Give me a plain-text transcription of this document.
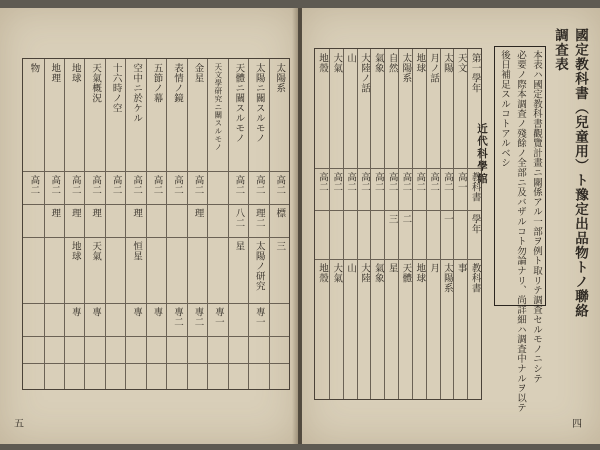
太陽系
高二
標
三
太陽ニ關スルモノ
高二
理二
太陽ノ研究
專一
天體ニ關スルモノ
高二
八二
星
天文學研究ニ關スルモノ
專一
金星
高二
理
專二
表情ノ鏡
高二
專二
五節ノ幕
高二
專
空中ニ於ケル
高二
理
恒星
專
十六時ノ空
高二
天氣概況
高二
理
天氣
專
地球
高二
理
地球
專
地理
高二
理
物
高二
五
國定教科書（兒童用）ト豫定出品物トノ聯絡調査表
本表ハ國定教科書觀覽計畫ニ關係アル一部ヲ例ト取リテ調査セルモノニシテ
必要ノ際本調査ノ殘餘ノ全部ニ及バザルコト勿論ナリ、尚詳細ハ調査中ナルヲ以テ
後日補足スルコトアルベシ
近代科學館
第一學年
教科書
學年
教科書
天文
高一
事
太陽
高二
一
太陽系
月ノ話
高二
月
地球
高二
地球
太陽系
高二
二
天體
自然
高二
三
星
氣象
高二
氣象
大陸ノ話
高二
大陸
山
高二
山
大氣
高二
大氣
地殼
高二
地殼
四
